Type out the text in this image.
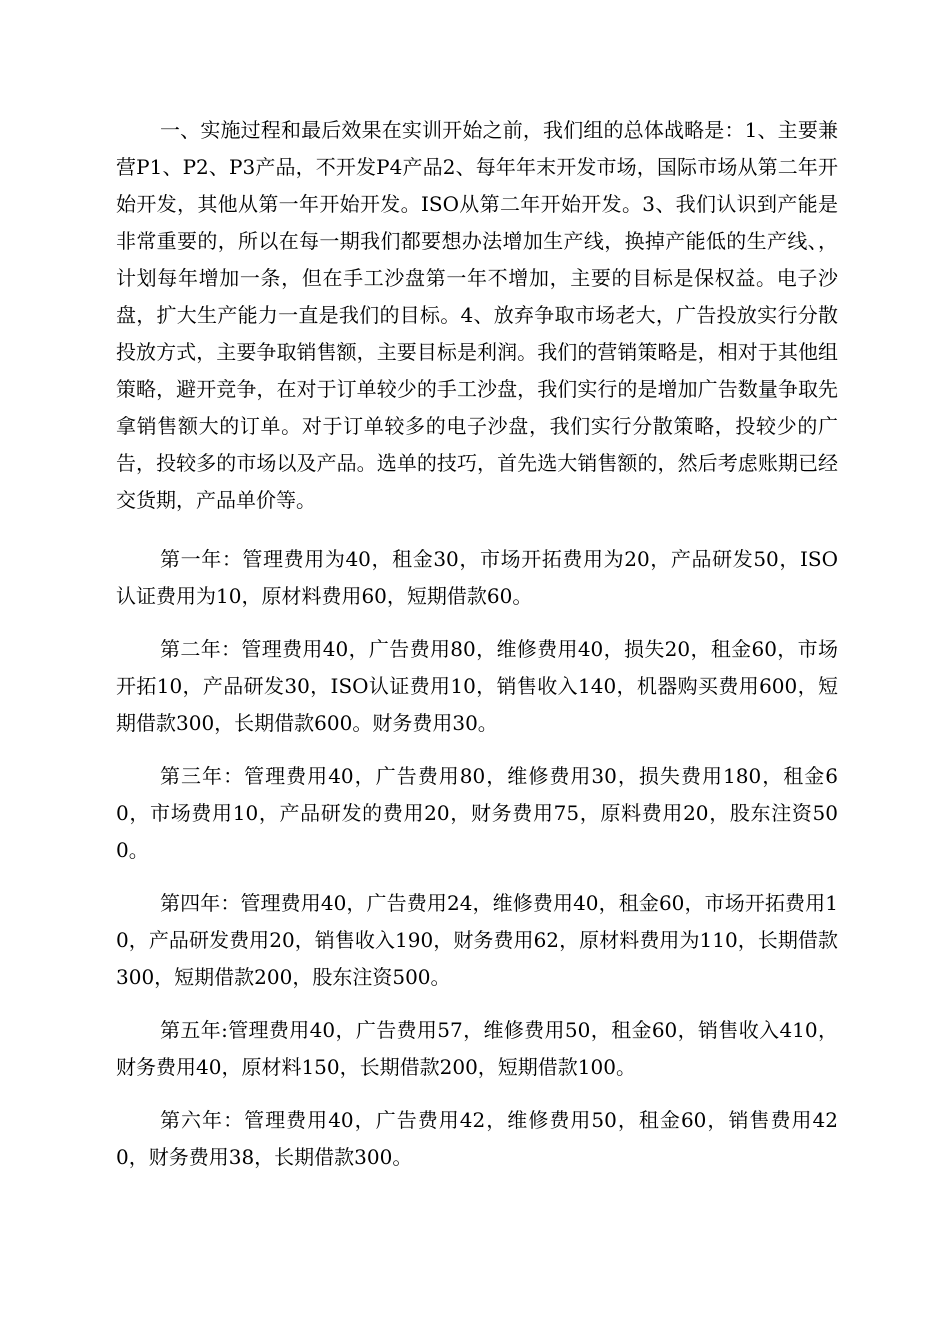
一、实施过程和最后效果在实训开始之前，我们组的总体战略是：1、主要兼营P1、P2、P3产品，不开发P4产品2、每年年末开发市场，国际市场从第二年开始开发，其他从第一年开始开发。ISO从第二年开始开发。3、我们认识到产能是非常重要的，所以在每一期我们都要想办法增加生产线，换掉产能低的生产线、，计划每年增加一条，但在手工沙盘第一年不增加，主要的目标是保权益。电子沙盘，扩大生产能力一直是我们的目标。4、放弃争取市场老大，广告投放实行分散投放方式，主要争取销售额，主要目标是利润。我们的营销策略是，相对于其他组策略，避开竞争，在对于订单较少的手工沙盘，我们实行的是增加广告数量争取先拿销售额大的订单。对于订单较多的电子沙盘，我们实行分散策略，投较少的广告，投较多的市场以及产品。选单的技巧，首先选大销售额的，然后考虑账期已经交货期，产品单价等。

第一年：管理费用为40，租金30，市场开拓费用为20，产品研发50，ISO认证费用为10，原材料费用60，短期借款60。

第二年：管理费用40，广告费用80，维修费用40，损失20，租金60，市场开拓10，产品研发30，ISO认证费用10，销售收入140，机器购买费用600，短期借款300，长期借款600。财务费用30。

第三年：管理费用40，广告费用80，维修费用30，损失费用180，租金60，市场费用10，产品研发的费用20，财务费用75，原料费用20，股东注资500。

第四年：管理费用40，广告费用24，维修费用40，租金60，市场开拓费用10，产品研发费用20，销售收入190，财务费用62，原材料费用为110，长期借款300，短期借款200，股东注资500。

第五年:管理费用40，广告费用57，维修费用50，租金60，销售收入410，财务费用40，原材料150，长期借款200，短期借款100。

第六年：管理费用40，广告费用42，维修费用50，租金60，销售费用420，财务费用38，长期借款300。
